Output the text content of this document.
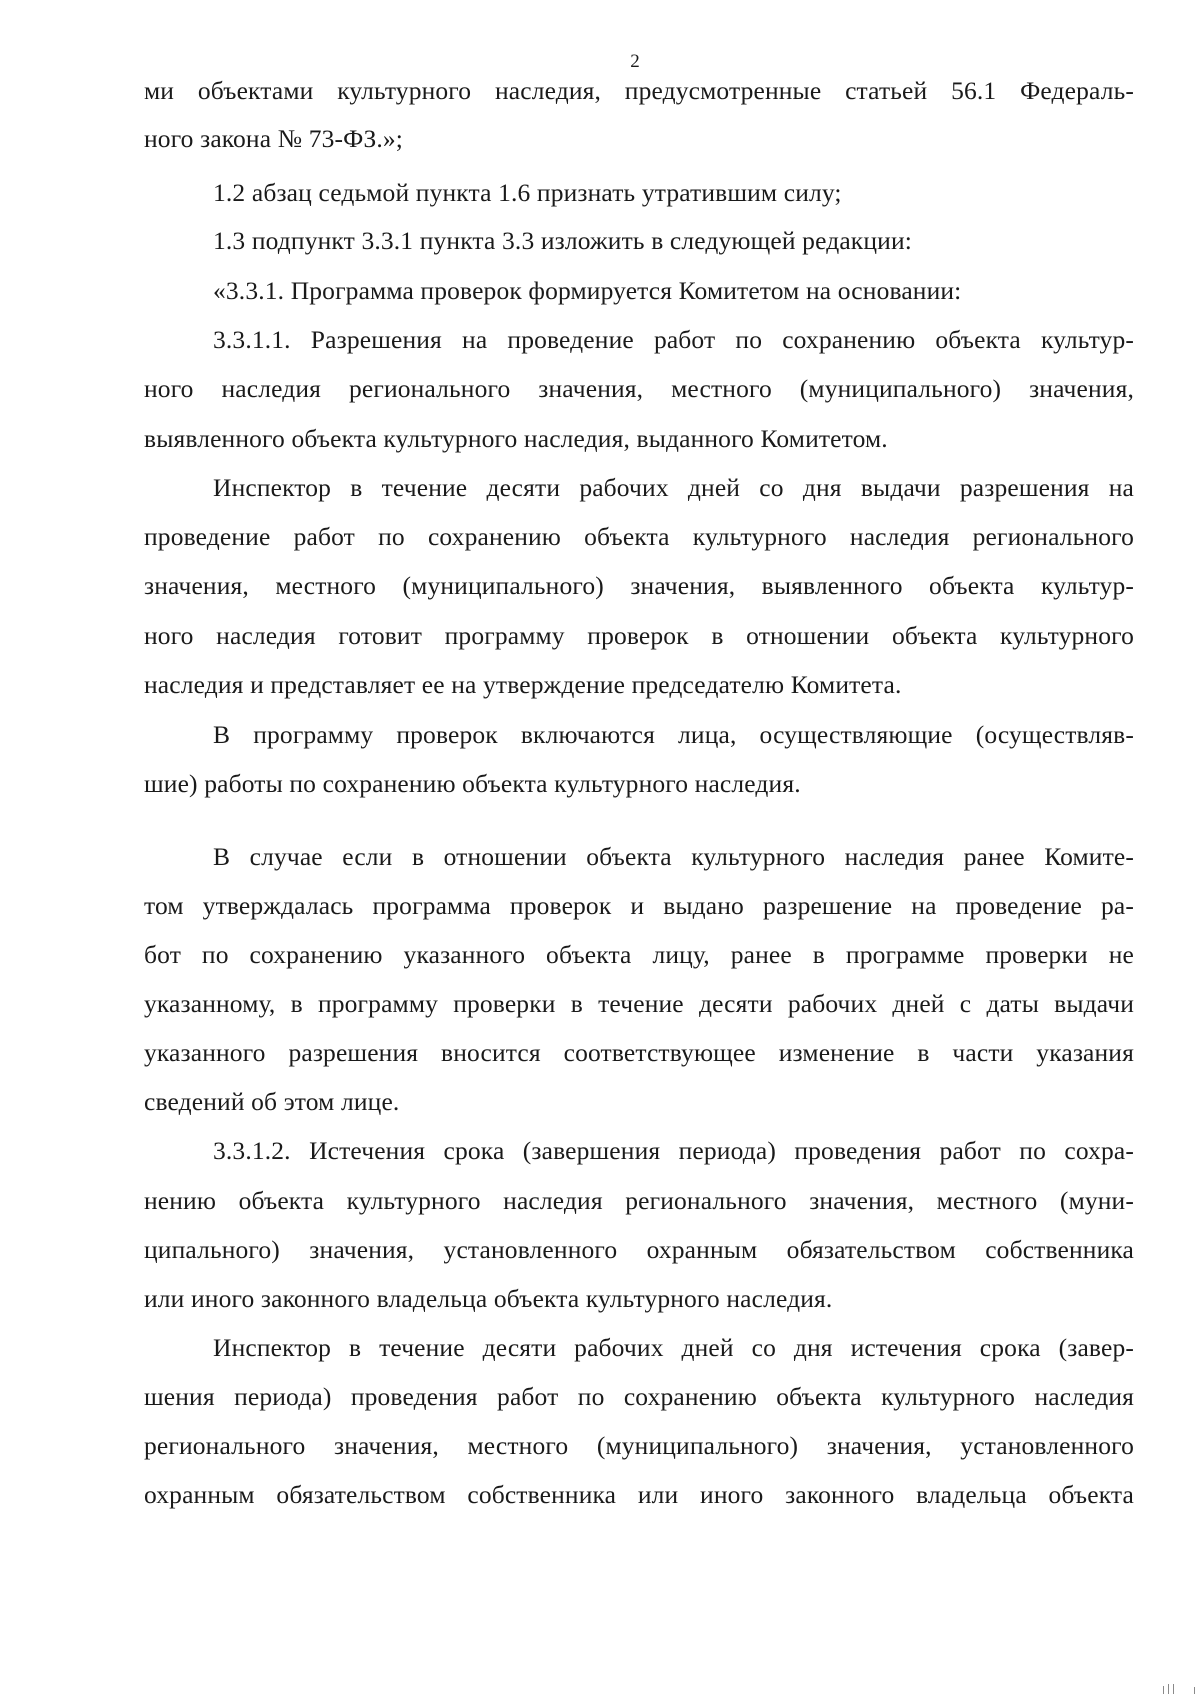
2
ми объектами культурного наследия, предусмотренные статьей 56.1 Федераль-
ного закона № 73-ФЗ.»;
1.2 абзац седьмой пункта 1.6 признать утратившим силу;
1.3 подпункт 3.3.1 пункта 3.3 изложить в следующей редакции:
«3.3.1. Программа проверок формируется Комитетом на основании:
3.3.1.1. Разрешения на проведение работ по сохранению объекта культур-
ного наследия регионального значения, местного (муниципального) значения,
выявленного объекта культурного наследия, выданного Комитетом.
Инспектор в течение десяти рабочих дней со дня выдачи разрешения на
проведение работ по сохранению объекта культурного наследия регионального
значения, местного (муниципального) значения, выявленного объекта культур-
ного наследия готовит программу проверок в отношении объекта культурного
наследия и представляет ее на утверждение председателю Комитета.
В программу проверок включаются лица, осуществляющие (осуществляв-
шие) работы по сохранению объекта культурного наследия.
В случае если в отношении объекта культурного наследия ранее Комите-
том утверждалась программа проверок и выдано разрешение на проведение ра-
бот по сохранению указанного объекта лицу, ранее в программе проверки не
указанному, в программу проверки в течение десяти рабочих дней с даты выдачи
указанного разрешения вносится соответствующее изменение в части указания
сведений об этом лице.
3.3.1.2. Истечения срока (завершения периода) проведения работ по сохра-
нению объекта культурного наследия регионального значения, местного (муни-
ципального) значения, установленного охранным обязательством собственника
или иного законного владельца объекта культурного наследия.
Инспектор в течение десяти рабочих дней со дня истечения срока (завер-
шения периода) проведения работ по сохранению объекта культурного наследия
регионального значения, местного (муниципального) значения, установленного
охранным обязательством собственника или иного законного владельца объекта
